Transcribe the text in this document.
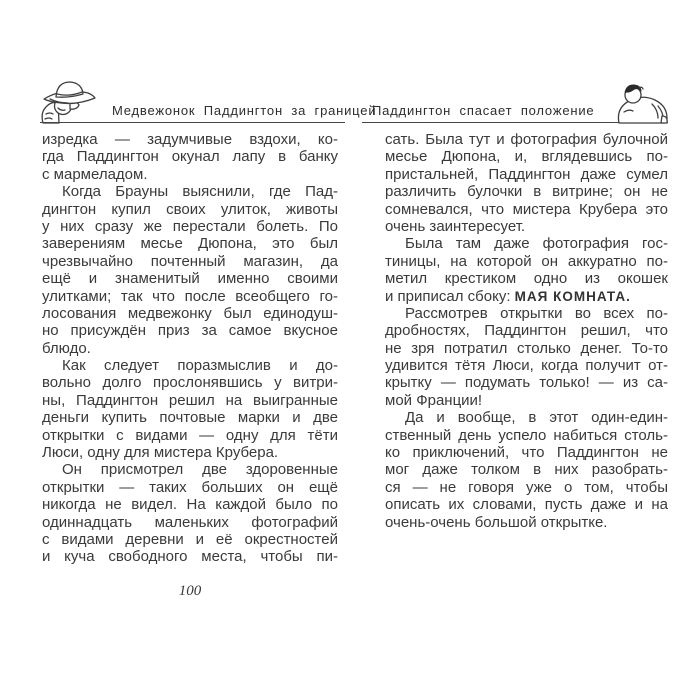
Медвежонок Паддингтон за границей
Паддингтон спасает положение
изредка — задумчивые вздохи, ко-
гда Паддингтон окунал лапу в банку
с мармеладом.
Когда Брауны выяснили, где Пад-
дингтон купил своих улиток, животы
у них сразу же перестали болеть. По
заверениям месье Дюпона, это был
чрезвычайно почтенный магазин, да
ещё и знаменитый именно своими
улитками; так что после всеобщего го-
лосования медвежонку был единодуш-
но присуждён приз за самое вкусное
блюдо.
Как следует поразмыслив и до-
вольно долго прослонявшись у витри-
ны, Паддингтон решил на выигранные
деньги купить почтовые марки и две
открытки с видами — одну для тёти
Люси, одну для мистера Крубера.
Он присмотрел две здоровенные
открытки — таких больших он ещё
никогда не видел. На каждой было по
одиннадцать маленьких фотографий
с видами деревни и её окрестностей
и куча свободного места, чтобы пи-
сать. Была тут и фотография булочной
месье Дюпона, и, вглядевшись по-
пристальней, Паддингтон даже сумел
различить булочки в витрине; он не
сомневался, что мистера Крубера это
очень заинтересует.
Была там даже фотография гос-
тиницы, на которой он аккуратно по-
метил крестиком одно из окошек
и приписал сбоку: МАЯ КОМНАТА.
Рассмотрев открытки во всех по-
дробностях, Паддингтон решил, что
не зря потратил столько денег. То-то
удивится тётя Люси, когда получит от-
крытку — подумать только! — из са-
мой Франции!
Да и вообще, в этот один-един-
ственный день успело набиться столь-
ко приключений, что Паддингтон не
мог даже толком в них разобрать-
ся — не говоря уже о том, чтобы
описать их словами, пусть даже и на
очень-очень большой открытке.
100
